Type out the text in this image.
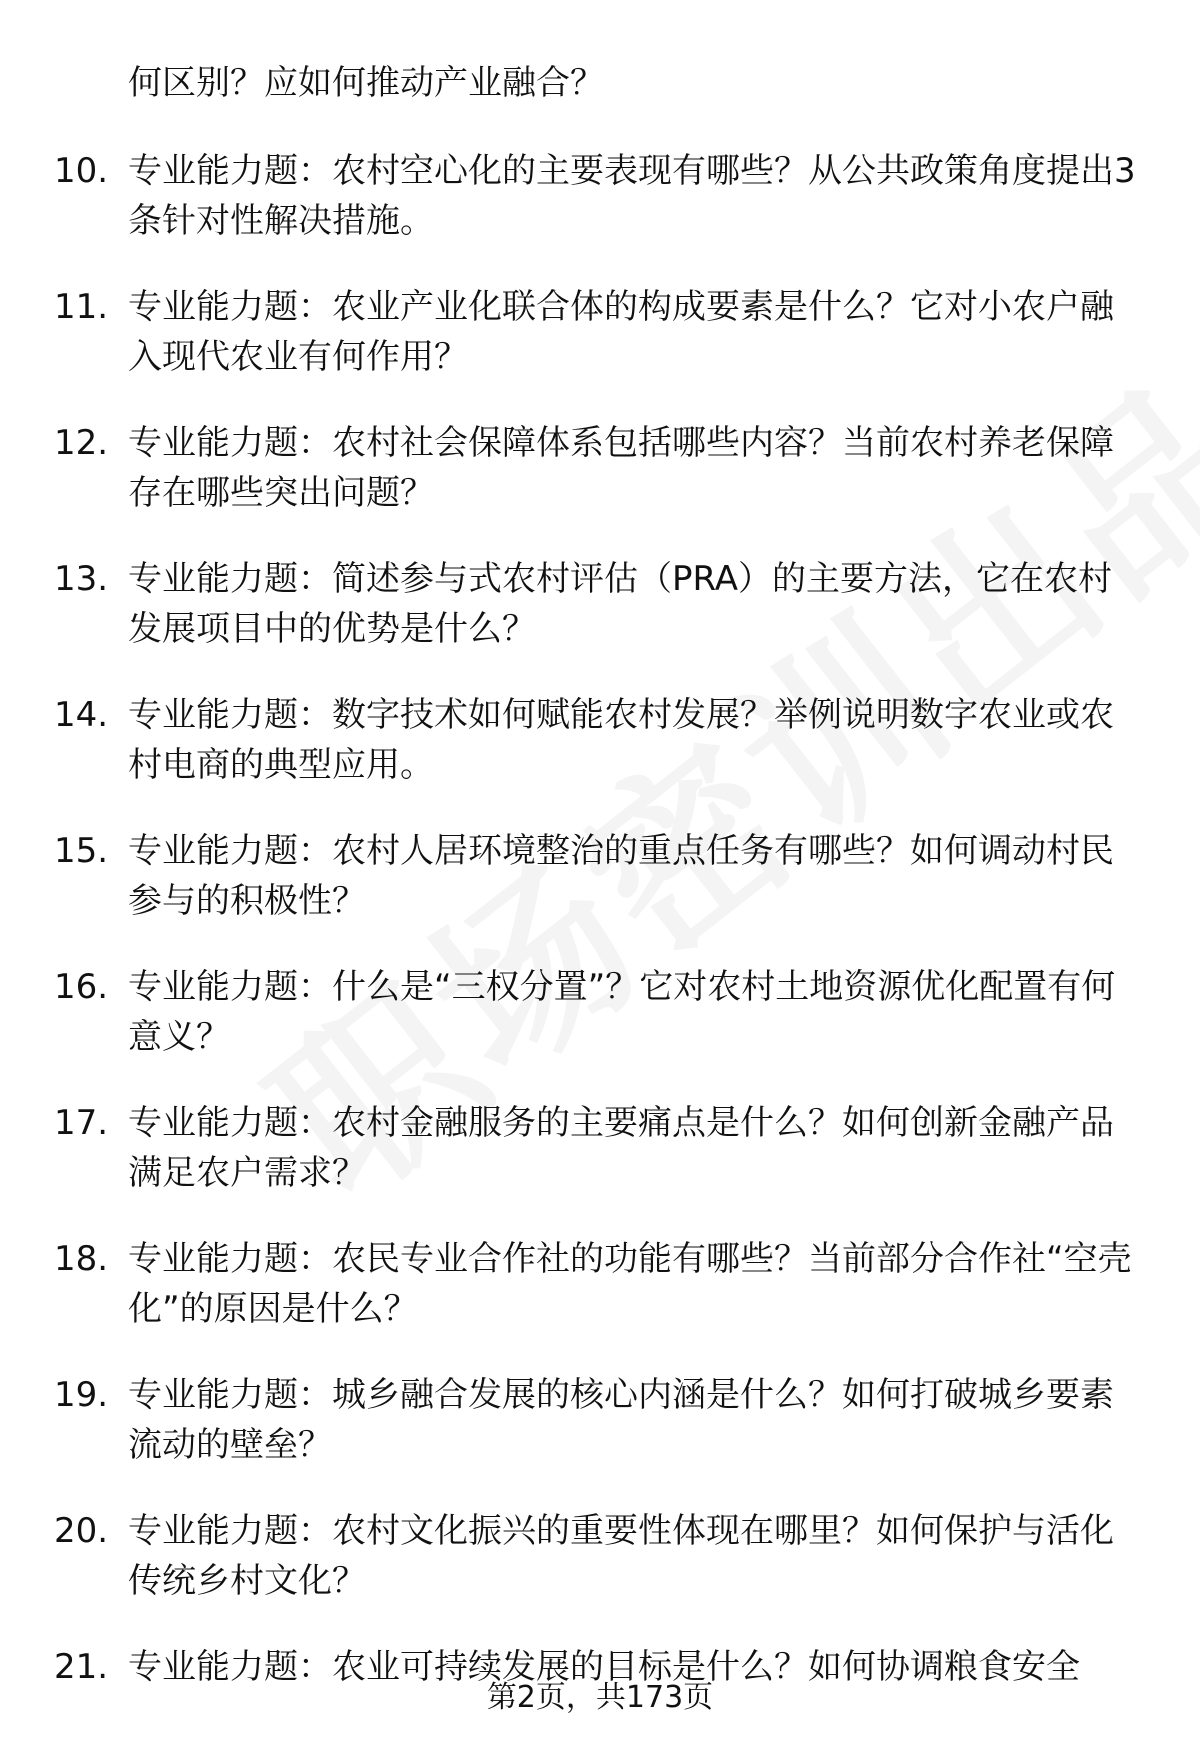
何区别？应如何推动产业融合？
10. 专业能力题：农村空心化的主要表现有哪些？从公共政策角度提出3条针对性解决措施。
11. 专业能力题：农业产业化联合体的构成要素是什么？它对小农户融入现代农业有何作用？
12. 专业能力题：农村社会保障体系包括哪些内容？当前农村养老保障存在哪些突出问题？
13. 专业能力题：简述参与式农村评估（PRA）的主要方法，它在农村发展项目中的优势是什么？
14. 专业能力题：数字技术如何赋能农村发展？举例说明数字农业或农村电商的典型应用。
15. 专业能力题：农村人居环境整治的重点任务有哪些？如何调动村民参与的积极性？
16. 专业能力题：什么是“三权分置”？它对农村土地资源优化配置有何意义？
17. 专业能力题：农村金融服务的主要痛点是什么？如何创新金融产品满足农户需求？
18. 专业能力题：农民专业合作社的功能有哪些？当前部分合作社“空壳化”的原因是什么？
19. 专业能力题：城乡融合发展的核心内涵是什么？如何打破城乡要素流动的壁垒？
20. 专业能力题：农村文化振兴的重要性体现在哪里？如何保护与活化传统乡村文化？
21. 专业能力题：农业可持续发展的目标是什么？如何协调粮食安全
第2页，共173页
